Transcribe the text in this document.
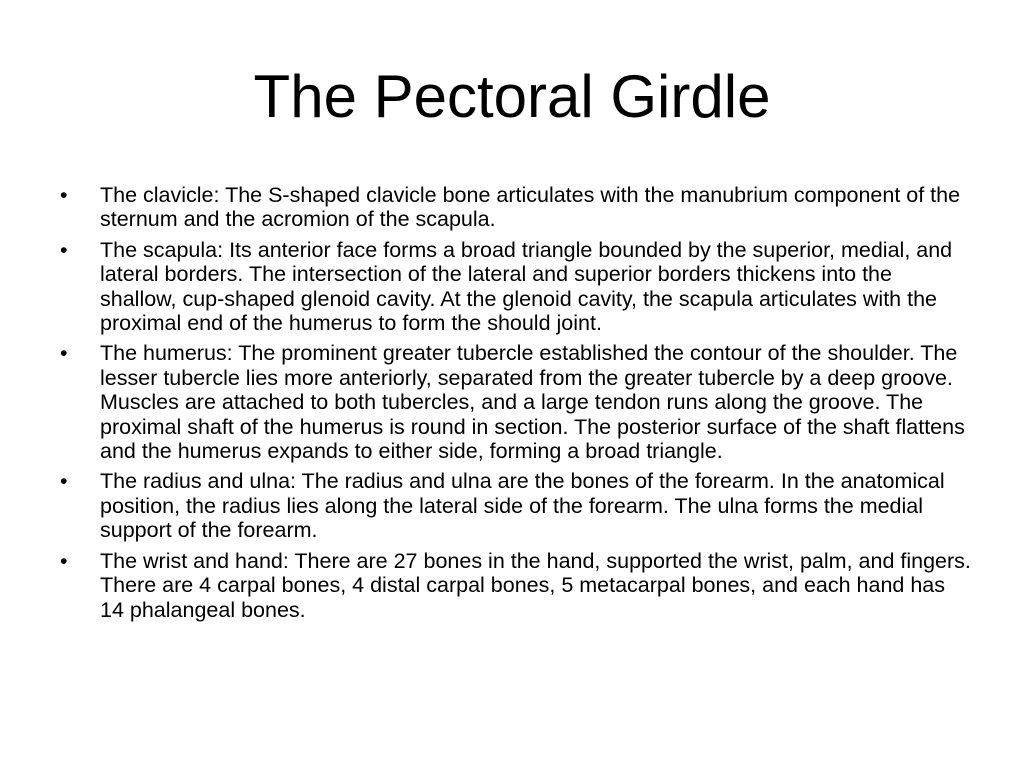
The Pectoral Girdle
•	The clavicle: The S-shaped clavicle bone articulates with the manubrium component of the sternum and the acromion of the scapula.
•	The scapula: Its anterior face forms a broad triangle bounded by the superior, medial, and lateral borders. The intersection of the lateral and superior borders thickens into the shallow, cup-shaped glenoid cavity. At the glenoid cavity, the scapula articulates with the proximal end of the humerus to form the should joint.
•	The humerus: The prominent greater tubercle established the contour of the shoulder. The lesser tubercle lies more anteriorly, separated from the greater tubercle by a deep groove. Muscles are attached to both tubercles, and a large tendon runs along the groove. The proximal shaft of the humerus is round in section. The posterior surface of the shaft flattens and the humerus expands to either side, forming a broad triangle.
•	The radius and ulna: The radius and ulna are the bones of the forearm. In the anatomical position, the radius lies along the lateral side of the forearm. The ulna forms the medial support of the forearm.
•	The wrist and hand: There are 27 bones in the hand, supported the wrist, palm, and fingers. There are 4 carpal bones, 4 distal carpal bones, 5 metacarpal bones, and each hand has 14 phalangeal bones.
